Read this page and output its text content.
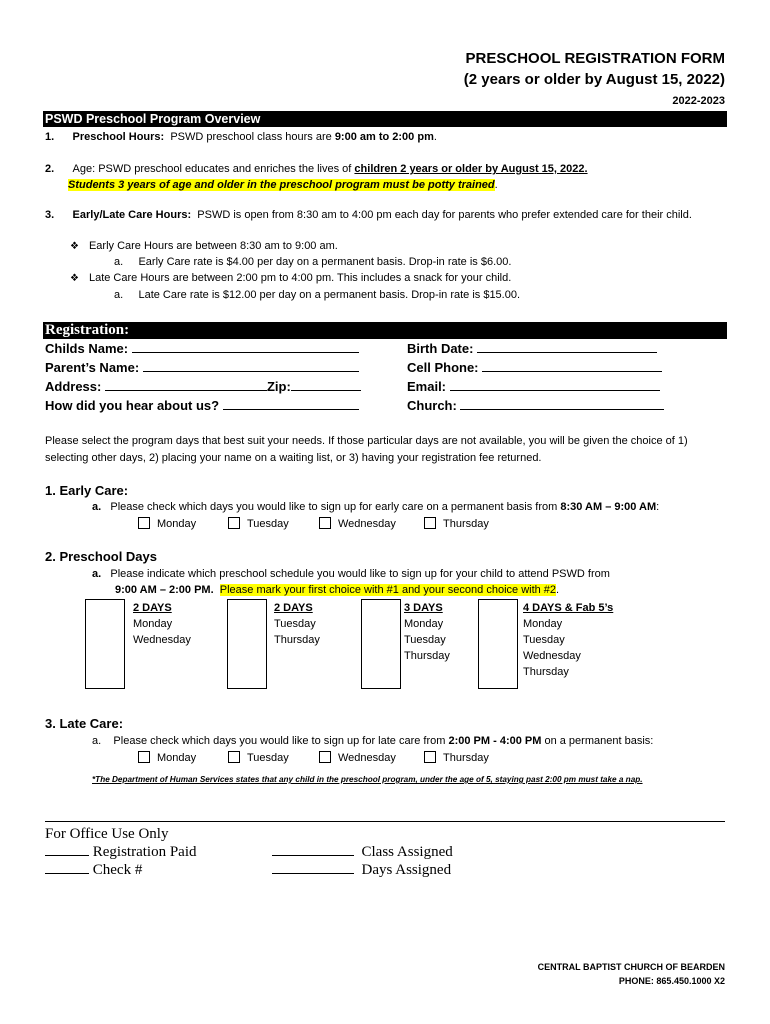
PRESCHOOL REGISTRATION FORM
(2 years or older by August 15, 2022)
2022-2023
PSWD Preschool Program Overview
1. Preschool Hours: PSWD preschool class hours are 9:00 am to 2:00 pm.
2. Age: PSWD preschool educates and enriches the lives of children 2 years or older by August 15, 2022.
Students 3 years of age and older in the preschool program must be potty trained.
3. Early/Late Care Hours: PSWD is open from 8:30 am to 4:00 pm each day for parents who prefer extended care for their child.
❖ Early Care Hours are between 8:30 am to 9:00 am.
a. Early Care rate is $4.00 per day on a permanent basis. Drop-in rate is $6.00.
❖ Late Care Hours are between 2:00 pm to 4:00 pm. This includes a snack for your child.
a. Late Care rate is $12.00 per day on a permanent basis. Drop-in rate is $15.00.
Registration:
Childs Name:
Parent’s Name:
Address:	Zip:
How did you hear about us?
Birth Date:
Cell Phone:
Email:
Church:
Please select the program days that best suit your needs. If those particular days are not available, you will be given the choice of 1)
selecting other days, 2) placing your name on a waiting list, or 3) having your registration fee returned.
1. Early Care:
a. Please check which days you would like to sign up for early care on a permanent basis from 8:30 AM – 9:00 AM:
Monday	Tuesday	Wednesday	Thursday
2. Preschool Days
a. Please indicate which preschool schedule you would like to sign up for your child to attend PSWD from
9:00 AM – 2:00 PM. Please mark your first choice with #1 and your second choice with #2.
2 DAYS
Monday
Wednesday
2 DAYS
Tuesday
Thursday
3 DAYS
Monday
Tuesday
Thursday
4 DAYS & Fab 5’s
Monday
Tuesday
Wednesday
Thursday
3. Late Care:
a. Please check which days you would like to sign up for late care from 2:00 PM - 4:00 PM on a permanent basis:
Monday	Tuesday	Wednesday	Thursday
*The Department of Human Services states that any child in the preschool program, under the age of 5, staying past 2:00 pm must take a nap.
For Office Use Only
Registration Paid
Check #
Class Assigned
Days Assigned
CENTRAL BAPTIST CHURCH OF BEARDEN
PHONE: 865.450.1000 X2
